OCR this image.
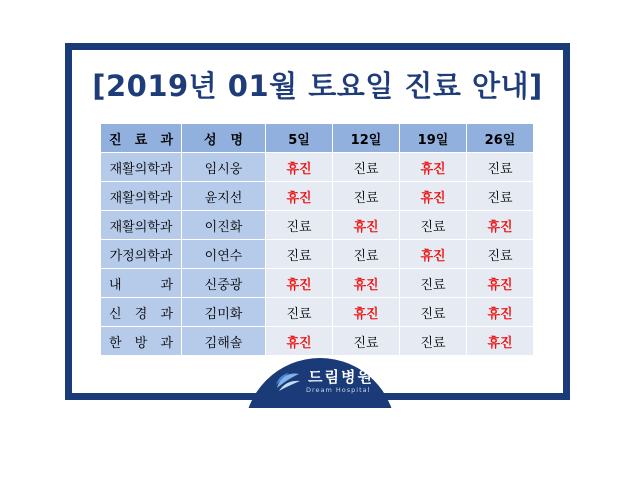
[2019년 01월 토요일 진료 안내]
진 료 과	성 명	5일	12일	19일	26일

재활의학과	임시웅	휴진	진료	휴진	진료

재활의학과	윤지선	휴진	진료	휴진	진료

재활의학과	이진화	진료	휴진	진료	휴진

가정의학과	이연수	진료	진료	휴진	진료

내 과	신중광	휴진	휴진	진료	휴진

신 경 과	김미화	진료	휴진	진료	휴진

한 방 과	김해솔	휴진	진료	진료	휴진
드림병원
Dream Hospital
